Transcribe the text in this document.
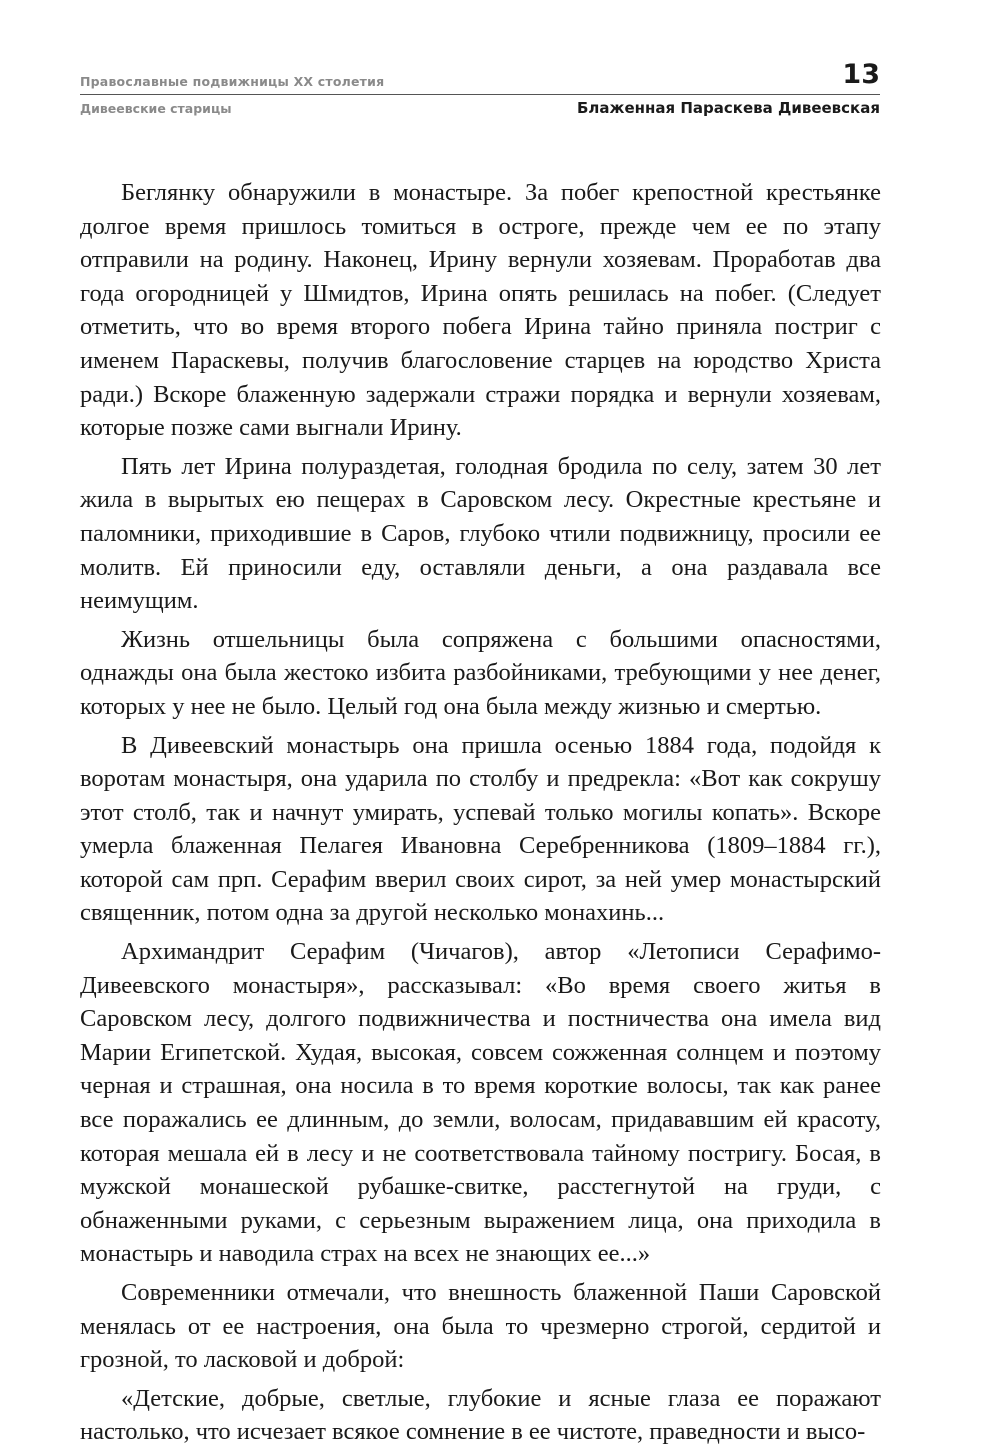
Православные подвижницы XX столетия	13
Дивеевские старицы	Блаженная Параскева Дивеевская

Беглянку обнаружили в монастыре. За побег крепостной крестьянке долгое время пришлось томиться в остроге, прежде чем ее по этапу отправили на родину. Наконец, Ирину вернули хозяевам. Проработав два года огородницей у Шмидтов, Ирина опять решилась на побег. (Следует отметить, что во время второго побега Ирина тайно приняла постриг с именем Параскевы, получив благословение старцев на юродство Христа ради.) Вскоре блаженную задержали стражи порядка и вернули хозяевам, которые позже сами выгнали Ирину.

Пять лет Ирина полураздетая, голодная бродила по селу, затем 30 лет жила в вырытых ею пещерах в Саровском лесу. Окрестные крестьяне и паломники, приходившие в Саров, глубоко чтили подвижницу, просили ее молитв. Ей приносили еду, оставляли деньги, а она раздавала все неимущим.

Жизнь отшельницы была сопряжена с большими опасностями, однажды она была жестоко избита разбойниками, требующими у нее денег, которых у нее не было. Целый год она была между жизнью и смертью.

В Дивеевский монастырь она пришла осенью 1884 года, подойдя к воротам монастыря, она ударила по столбу и предрекла: «Вот как сокрушу этот столб, так и начнут умирать, успевай только могилы копать». Вскоре умерла блаженная Пелагея Ивановна Серебренникова (1809–1884 гг.), которой сам прп. Серафим вверил своих сирот, за ней умер монастырский священник, потом одна за другой несколько монахинь...

Архимандрит Серафим (Чичагов), автор «Летописи Серафимо-Дивеевского монастыря», рассказывал: «Во время своего житья в Саровском лесу, долгого подвижничества и постничества она имела вид Марии Египетской. Худая, высокая, совсем сожженная солнцем и поэтому черная и страшная, она носила в то время короткие волосы, так как ранее все поражались ее длинным, до земли, волосам, придававшим ей красоту, которая мешала ей в лесу и не соответствовала тайному постригу. Босая, в мужской монашеской рубашке-свитке, расстегнутой на груди, с обнаженными руками, с серьезным выражением лица, она приходила в монастырь и наводила страх на всех не знающих ее...»

Современники отмечали, что внешность блаженной Паши Саровской менялась от ее настроения, она была то чрезмерно строгой, сердитой и грозной, то ласковой и доброй:

«Детские, добрые, светлые, глубокие и ясные глаза ее поражают настолько, что исчезает всякое сомнение в ее чистоте, праведности и высо-
